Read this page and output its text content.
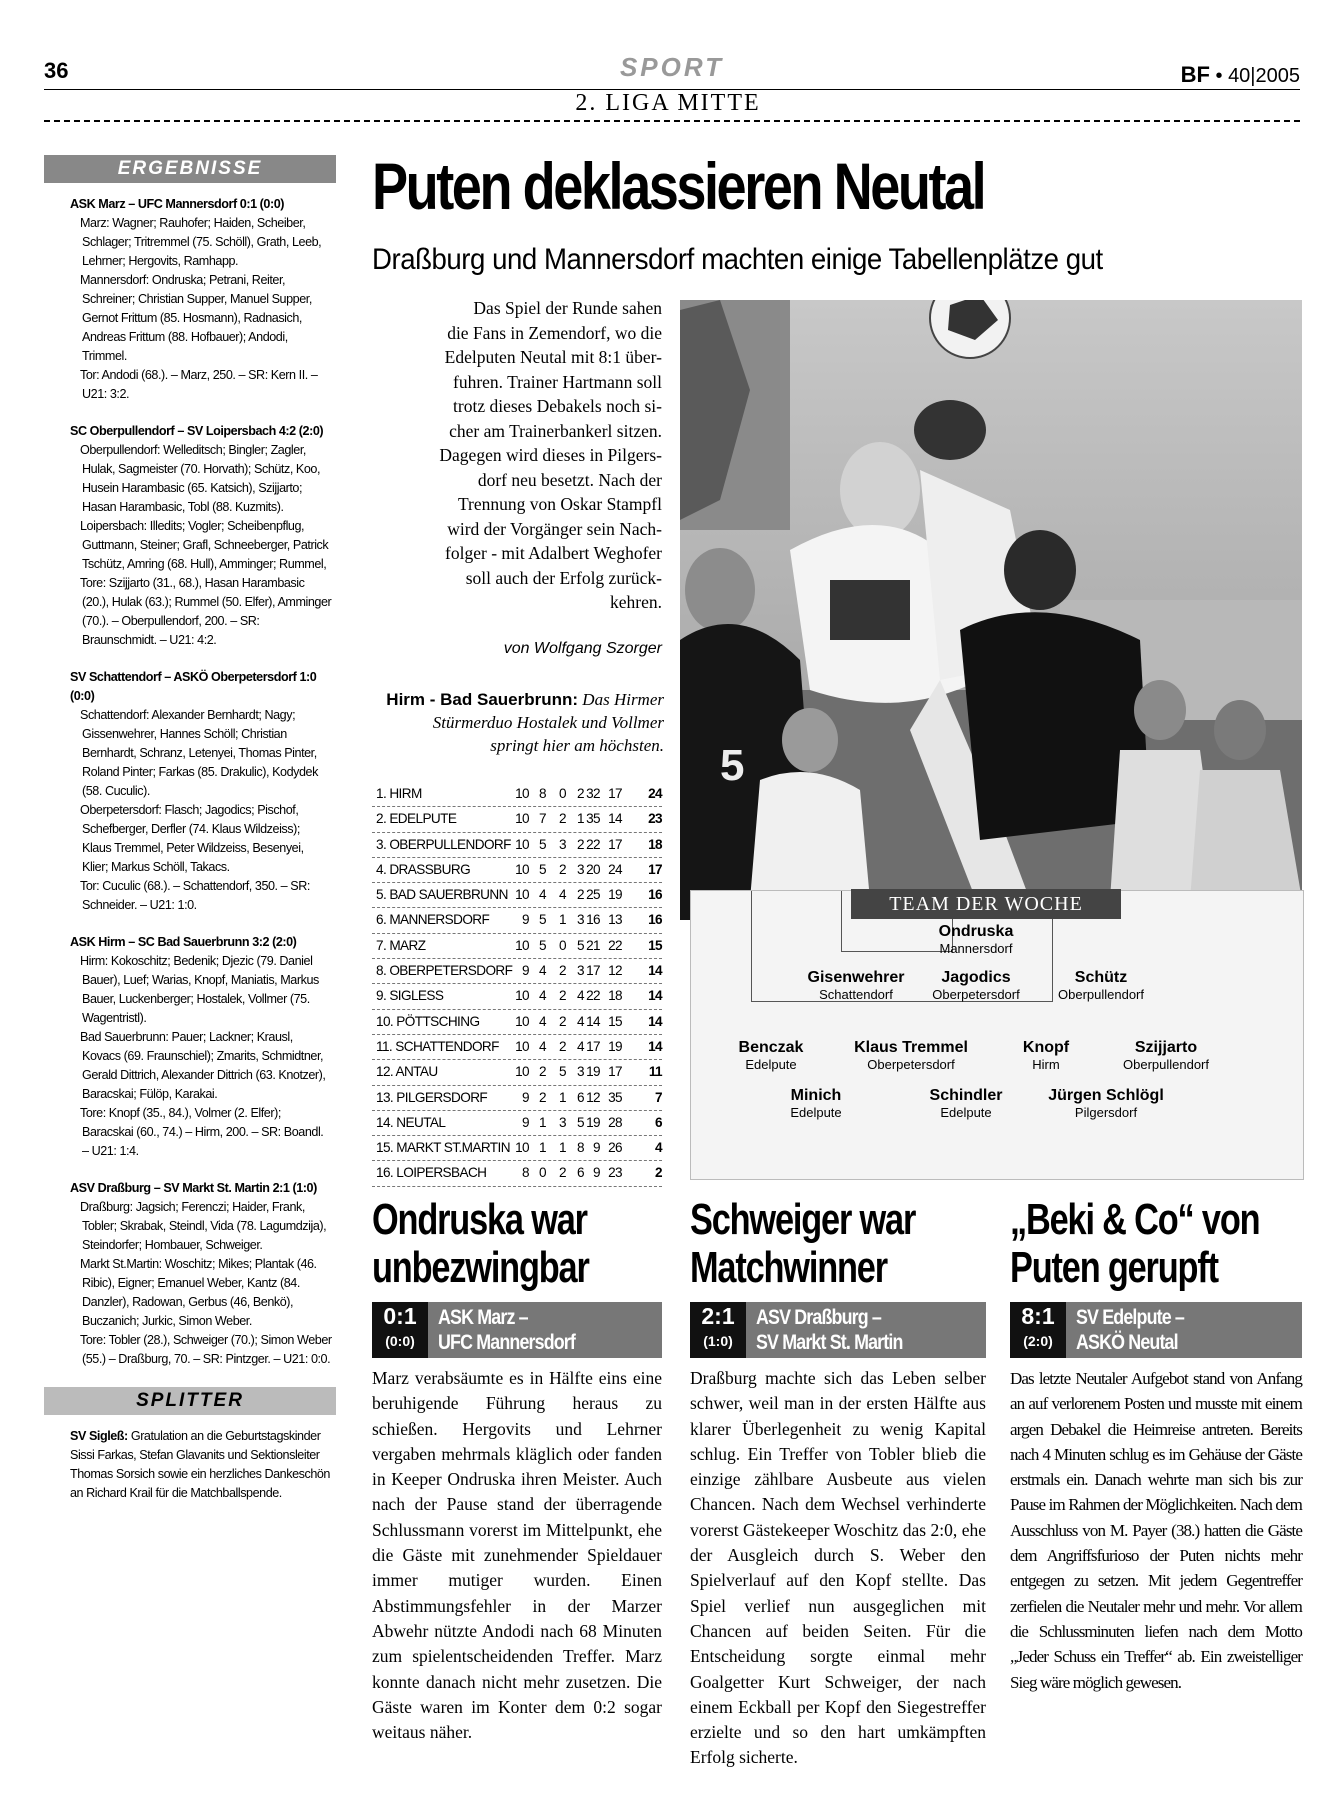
36	SPORT	BF • 40|2005
2. LIGA MITTE
ERGEBNISSE

ASK Marz – UFC Mannersdorf 0:1 (0:0)

Marz: Wagner; Rauhofer; Haiden, Scheiber, Schlager; Tritremmel (75. Schöll), Grath, Leeb, Lehrner; Hergovits, Ramhapp.

Mannersdorf: Ondruska; Petrani, Reiter, Schreiner; Christian Supper, Manuel Supper, Gernot Frittum (85. Hosmann), Radnasich, Andreas Frittum (88. Hofbauer); Andodi, Trimmel.

Tor: Andodi (68.). – Marz, 250. – SR: Kern II. – U21: 3:2.

SC Oberpullendorf – SV Loipersbach 4:2 (2:0)

Oberpullendorf: Welleditsch; Bingler; Zagler, Hulak, Sagmeister (70. Horvath); Schütz, Koo, Husein Harambasic (65. Katsich), Szijjarto; Hasan Harambasic, Tobl (88. Kuzmits).

Loipersbach: Illedits; Vogler; Scheibenpflug, Guttmann, Steiner; Grafl, Schneeberger, Patrick Tschütz, Amring (68. Hull), Amminger; Rummel,

Tore: Szijjarto (31., 68.), Hasan Harambasic (20.), Hulak (63.); Rummel (50. Elfer), Amminger (70.). – Oberpullendorf, 200. – SR: Braunschmidt. – U21: 4:2.

SV Schattendorf – ASKÖ Oberpetersdorf 1:0 (0:0)

Schattendorf: Alexander Bernhardt; Nagy; Gissenwehrer, Hannes Schöll; Christian Bernhardt, Schranz, Letenyei, Thomas Pinter, Roland Pinter; Farkas (85. Drakulic), Kodydek (58. Cuculic).

Oberpetersdorf: Flasch; Jagodics; Pischof, Schefberger, Derfler (74. Klaus Wildzeiss); Klaus Tremmel, Peter Wildzeiss, Besenyei, Klier; Markus Schöll, Takacs.

Tor: Cuculic (68.). – Schattendorf, 350. – SR: Schneider. – U21: 1:0.

ASK Hirm – SC Bad Sauerbrunn 3:2 (2:0)

Hirm: Kokoschitz; Bedenik; Djezic (79. Daniel Bauer), Luef; Warias, Knopf, Maniatis, Markus Bauer, Luckenberger; Hostalek, Vollmer (75. Wagentristl).

Bad Sauerbrunn: Pauer; Lackner; Krausl, Kovacs (69. Fraunschiel); Zmarits, Schmidtner, Gerald Dittrich, Alexander Dittrich (63. Knotzer), Baracskai; Fülöp, Karakai.

Tore: Knopf (35., 84.), Volmer (2. Elfer); Baracskai (60., 74.) – Hirm, 200. – SR: Boandl. – U21: 1:4.

ASV Draßburg – SV Markt St. Martin 2:1 (1:0)

Draßburg: Jagsich; Ferenczi; Haider, Frank, Tobler; Skrabak, Steindl, Vida (78. Lagumdzija), Steindorfer; Hombauer, Schweiger.

Markt St.Martin: Woschitz; Mikes; Plantak (46. Ribic), Eigner; Emanuel Weber, Kantz (84. Danzler), Radowan, Gerbus (46, Benkö), Buczanich; Jurkic, Simon Weber.

Tore: Tobler (28.), Schweiger (70.); Simon Weber (55.) – Draßburg, 70. – SR: Pintzger. – U21: 0:0.

SPLITTER

SV Sigleß: Gratulation an die Geburtstagskinder Sissi Farkas, Stefan Glavanits und Sektionsleiter Thomas Sorsich sowie ein herzliches Dankeschön an Richard Krail für die Matchballspende.

Puten deklassieren Neutal
Draßburg und Mannersdorf machten einige Tabellenplätze gut

Das Spiel der Runde sahen

die Fans in Zemendorf, wo die

Edelputen Neutal mit 8:1 über-

fuhren. Trainer Hartmann soll

trotz dieses Debakels noch si-

cher am Trainerbankerl sitzen.

Dagegen wird dieses in Pilgers-

dorf neu besetzt. Nach der

Trennung von Oskar Stampfl

wird der Vorgänger sein Nach-

folger - mit Adalbert Weghofer

soll auch der Erfolg zurück-

kehren.

von Wolfgang Szorger
Hirm - Bad Sauerbrunn: Das Hirmer
Stürmerduo Hostalek und Vollmer
springt hier am höchsten. 5
1. HIRM	10 8 0 2 32 17	24
2. EDELPUTE	10 7 2 1 35 14	23
3. OBERPULLENDORF 10 5 3 2 22 17	18
4. DRASSBURG	10 5 2 3 20 24	17
5. BAD SAUERBRUNN 10 4 4 2 25 19	16
6. MANNERSDORF	9 5 1 3 16 13	16
7. MARZ	10 5 0 5 21 22	15
8. OBERPETERSDORF 9 4 2 3 17 12	14
9. SIGLESS	10 4 2 4 22 18	14
10. PÖTTSCHING	10 4 2 4 14 15	14
11. SCHATTENDORF 10 4 2 4 17 19	14
12. ANTAU	10 2 5 3 19 17	11
13. PILGERSDORF	9 2 1 6 12 35	7
14. NEUTAL	9 1 3 5 19 28	6
15. MARKT ST.MARTIN 10 1 1 8 9 26	4
16. LOIPERSBACH	8 0 2 6 9 23	2
TEAM DER WOCHE
Ondruska
Mannersdorf
Gisenwehrer
Schattendorf
Jagodics
Oberpetersdorf
Schütz
Oberpullendorf
Benczak
Edelpute
Klaus Tremmel
Oberpetersdorf
Knopf
Hirm
Szijjarto
Oberpullendorf
Minich
Edelpute
Schindler
Edelpute
Jürgen Schlögl
Pilgersdorf
Ondruska war
unbezwingbar
0:1
(0:0)
ASK Marz –
UFC Mannersdorf

Marz verabsäumte es in Hälfte eins eine beruhigende Führung heraus zu schießen. Hergovits und Lehrner vergaben mehrmals kläglich oder fanden in Keeper Ondruska ihren Meister. Auch nach der Pause stand der überragende Schlussmann vorerst im Mittelpunkt, ehe die Gäste mit zunehmender Spieldauer immer mutiger wurden. Einen Abstimmungsfehler in der Marzer Abwehr nützte Andodi nach 68 Minuten zum spielentscheidenden Treffer. Marz konnte danach nicht mehr zusetzen. Die Gäste waren im Konter dem 0:2 sogar weitaus näher.

Schweiger war
Matchwinner
2:1
(1:0)
ASV Draßburg –
SV Markt St. Martin

Draßburg machte sich das Leben selber schwer, weil man in der ersten Hälfte aus klarer Überlegenheit zu wenig Kapital schlug. Ein Treffer von Tobler blieb die einzige zählbare Ausbeute aus vielen Chancen. Nach dem Wechsel verhinderte vorerst Gästekeeper Woschitz das 2:0, ehe der Ausgleich durch S. Weber den Spielverlauf auf den Kopf stellte. Das Spiel verlief nun ausgeglichen mit Chancen auf beiden Seiten. Für die Entscheidung sorgte einmal mehr Goalgetter Kurt Schweiger, der nach einem Eckball per Kopf den Siegestreffer erzielte und so den hart umkämpften Erfolg sicherte.

„Beki & Co“ von
Puten gerupft
8:1
(2:0)
SV Edelpute –
ASKÖ Neutal

Das letzte Neutaler Aufgebot stand von Anfang an auf verlorenem Posten und musste mit einem argen Debakel die Heimreise antreten. Bereits nach 4 Minuten schlug es im Gehäuse der Gäste erstmals ein. Danach wehrte man sich bis zur Pause im Rahmen der Möglichkeiten. Nach dem Ausschluss von M. Payer (38.) hatten die Gäste dem Angriffsfurioso der Puten nichts mehr entgegen zu setzen. Mit jedem Gegentreffer zerfielen die Neutaler mehr und mehr. Vor allem die Schlussminuten liefen nach dem Motto „Jeder Schuss ein Treffer“ ab. Ein zweistelliger Sieg wäre möglich gewesen.
